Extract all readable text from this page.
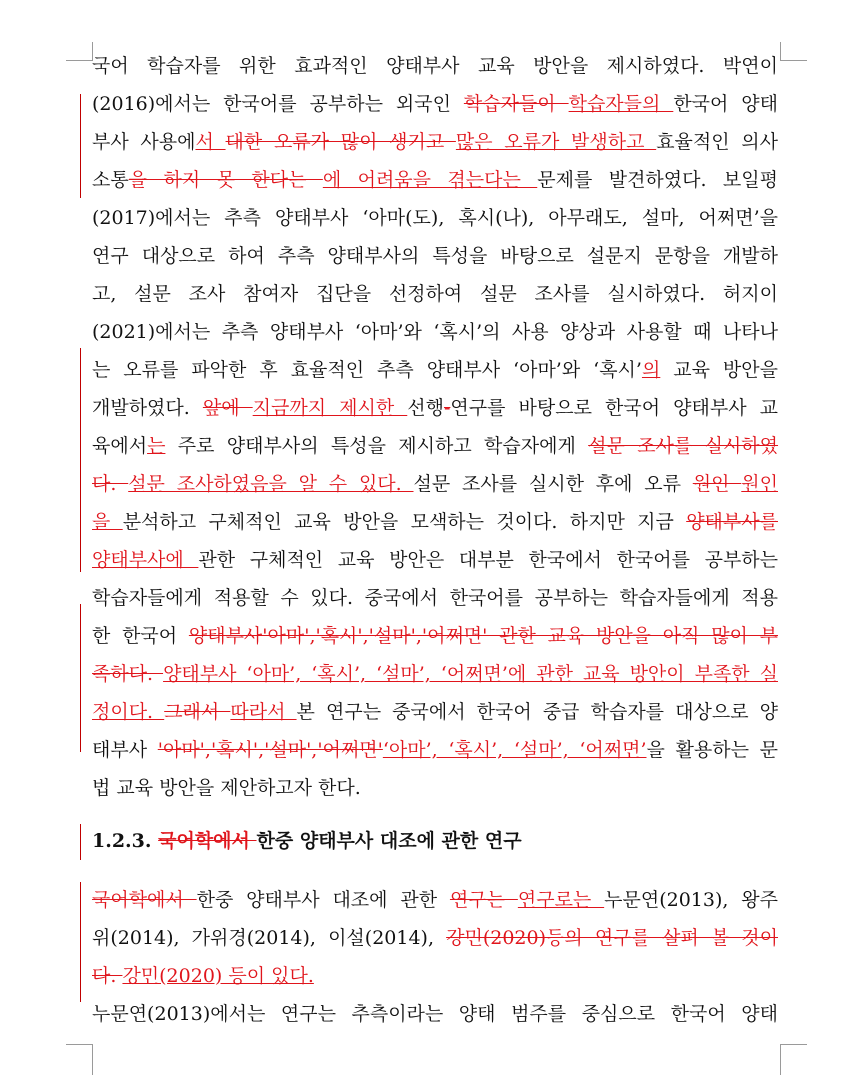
국어 학습자를 위한 효과적인 양태부사 교육 방안을 제시하였다. 박연이
(2016)에서는 한국어를 공부하는 외국인 학습자들이 학습자들의 한국어 양태
부사 사용에서 대한 오류가 많이 생기고 많은 오류가 발생하고 효율적인 의사
소통을 하지 못 한다는 에 어려움을 겪는다는 문제를 발견하였다. 보일평
(2017)에서는 추측 양태부사 ‘아마(도), 혹시(나), 아무래도, 설마, 어쩌면’을
연구 대상으로 하여 추측 양태부사의 특성을 바탕으로 설문지 문항을 개발하
고, 설문 조사 참여자 집단을 선정하여 설문 조사를 실시하였다. 허지이
(2021)에서는 추측 양태부사 ‘아마’와 ‘혹시’의 사용 양상과 사용할 때 나타나
는 오류를 파악한 후 효율적인 추측 양태부사 ‘아마’와 ‘혹시’의 교육 방안을
개발하였다. 앞에 지금까지 제시한 선행-연구를 바탕으로 한국어 양태부사 교
육에서는 주로 양태부사의 특성을 제시하고 학습자에게 설문 조사를 실시하였
다. 설문 조사하였음을 알 수 있다. 설문 조사를 실시한 후에 오류 원인 원인
을 분석하고 구체적인 교육 방안을 모색하는 것이다. 하지만 지금 양태부사를
양태부사에 관한 구체적인 교육 방안은 대부분 한국에서 한국어를 공부하는
학습자들에게 적용할 수 있다. 중국에서 한국어를 공부하는 학습자들에게 적용
한 한국어 양태부사'아마','혹시','설마','어쩌면' 관한 교육 방안을 아직 많이 부
족하다. 양태부사 ‘아마’, ‘혹시’, ‘설마’, ‘어쩌면’에 관한 교육 방안이 부족한 실
정이다. 그래서 따라서 본 연구는 중국에서 한국어 중급 학습자를 대상으로 양
태부사 '아마','혹시','설마','어쩌면'‘아마’, ‘혹시’, ‘설마’, ‘어쩌면’을 활용하는 문
법 교육 방안을 제안하고자 한다.
1.2.3. 국어학에서 한중 양태부사 대조에 관한 연구
국어학에서 한중 양태부사 대조에 관한 연구는 연구로는 누문연(2013), 왕주
위(2014), 가위경(2014), 이설(2014), 강민(2020)등의 연구를 살펴 볼 것이
다. 강민(2020) 등이 있다.
누문연(2013)에서는 연구는 추측이라는 양태 범주를 중심으로 한국어 양태
